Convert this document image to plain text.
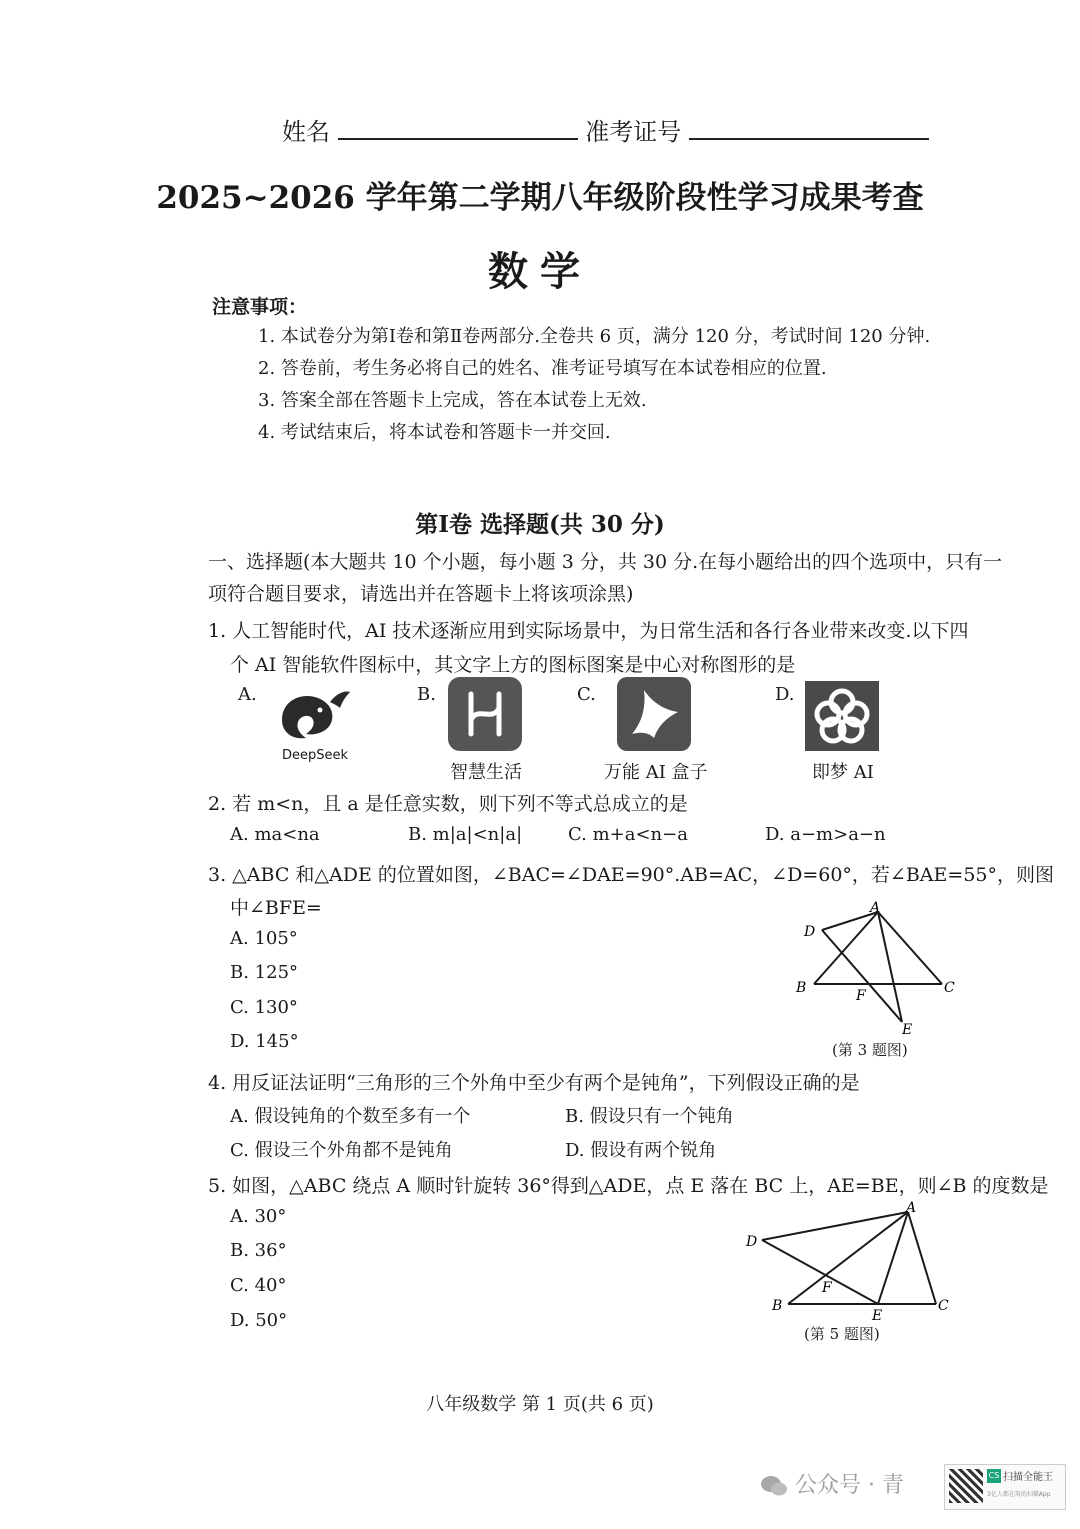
姓名	准考证号
2025~2026 学年第二学期八年级阶段性学习成果考查
数学
注意事项：
1. 本试卷分为第Ⅰ卷和第Ⅱ卷两部分.全卷共 6 页，满分 120 分，考试时间 120 分钟.
2. 答卷前，考生务必将自己的姓名、准考证号填写在本试卷相应的位置.
3. 答案全部在答题卡上完成，答在本试卷上无效.
4. 考试结束后，将本试卷和答题卡一并交回.
第Ⅰ卷 选择题(共 30 分)
一、选择题(本大题共 10 个小题，每小题 3 分，共 30 分.在每小题给出的四个选项中，只有一
项符合题目要求，请选出并在答题卡上将该项涂黑)
1. 人工智能时代，AI 技术逐渐应用到实际场景中，为日常生活和各行各业带来改变.以下四
个 AI 智能软件图标中，其文字上方的图标图案是中心对称图形的是
A.
DeepSeek
B.
智慧生活
C.
万能 AI 盒子
D.
即梦 AI
2. 若 m<n，且 a 是任意实数，则下列不等式总成立的是
A. ma<na	B. m|a|<n|a|	C. m+a<n−a	D. a−m>a−n
3. △ABC 和△ADE 的位置如图，∠BAC=∠DAE=90°.AB=AC，∠D=60°，若∠BAE=55°，则图
中∠BFE=
A. 105°
B. 125°
C. 130°
D. 145°
A
D
B	C
F
E
(第 3 题图)
4. 用反证法证明“三角形的三个外角中至少有两个是钝角”，下列假设正确的是
A. 假设钝角的个数至多有一个	B. 假设只有一个钝角
C. 假设三个外角都不是钝角	D. 假设有两个锐角
5. 如图，△ABC 绕点 A 顺时针旋转 36°得到△ADE，点 E 落在 BC 上，AE=BE，则∠B 的度数是
A. 30°
B. 36°
C. 40°
D. 50°
A
D
B	C
F
E
(第 5 题图)
八年级数学 第 1 页(共 6 页)
公众号 · 青	CS 扫描全能王
3亿人都在用的扫描App
